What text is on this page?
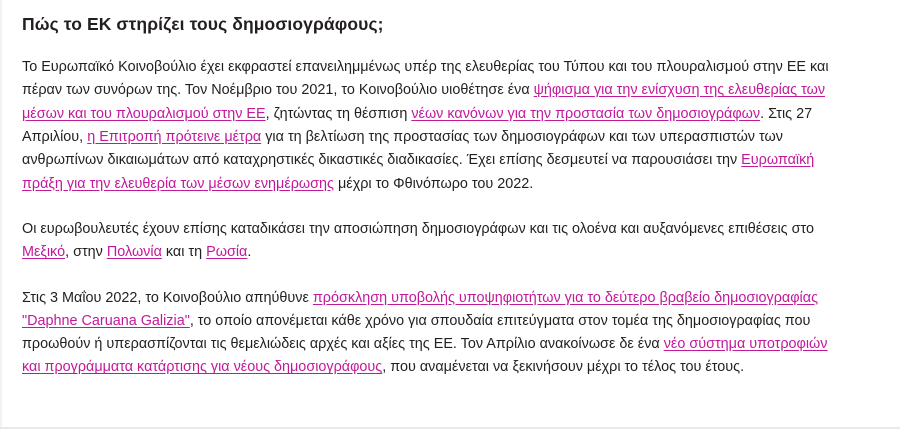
Πώς το ΕΚ στηρίζει τους δημοσιογράφους;

Το Ευρωπαϊκό Κοινοβούλιο έχει εκφραστεί επανειλημμένως υπέρ της ελευθερίας του Τύπου και του πλουραλισμού στην ΕΕ και πέραν των συνόρων της. Τον Νοέμβριο του 2021, το Κοινοβούλιο υιοθέτησε ένα ψήφισμα για την ενίσχυση της ελευθερίας των μέσων και του πλουραλισμού στην ΕΕ, ζητώντας τη θέσπιση νέων κανόνων για την προστασία των δημοσιογράφων. Στις 27 Απριλίου, η Επιτροπή πρότεινε μέτρα για τη βελτίωση της προστασίας των δημοσιογράφων και των υπερασπιστών των ανθρωπίνων δικαιωμάτων από καταχρηστικές δικαστικές διαδικασίες. Έχει επίσης δεσμευτεί να παρουσιάσει την Ευρωπαϊκή πράξη για την ελευθερία των μέσων ενημέρωσης μέχρι το Φθινόπωρο του 2022.

Οι ευρωβουλευτές έχουν επίσης καταδικάσει την αποσιώπηση δημοσιογράφων και τις ολοένα και αυξανόμενες επιθέσεις στο Μεξικό, στην Πολωνία και τη Ρωσία.

Στις 3 Μαΐου 2022, το Κοινοβούλιο απηύθυνε πρόσκληση υποβολής υποψηφιοτήτων για το δεύτερο βραβείο δημοσιογραφίας "Daphne Caruana Galizia", το οποίο απονέμεται κάθε χρόνο για σπουδαία επιτεύγματα στον τομέα της δημοσιογραφίας που προωθούν ή υπερασπίζονται τις θεμελιώδεις αρχές και αξίες της ΕΕ. Τον Απρίλιο ανακοίνωσε δε ένα νέο σύστημα υποτροφιών και προγράμματα κατάρτισης για νέους δημοσιογράφους, που αναμένεται να ξεκινήσουν μέχρι το τέλος του έτους.
